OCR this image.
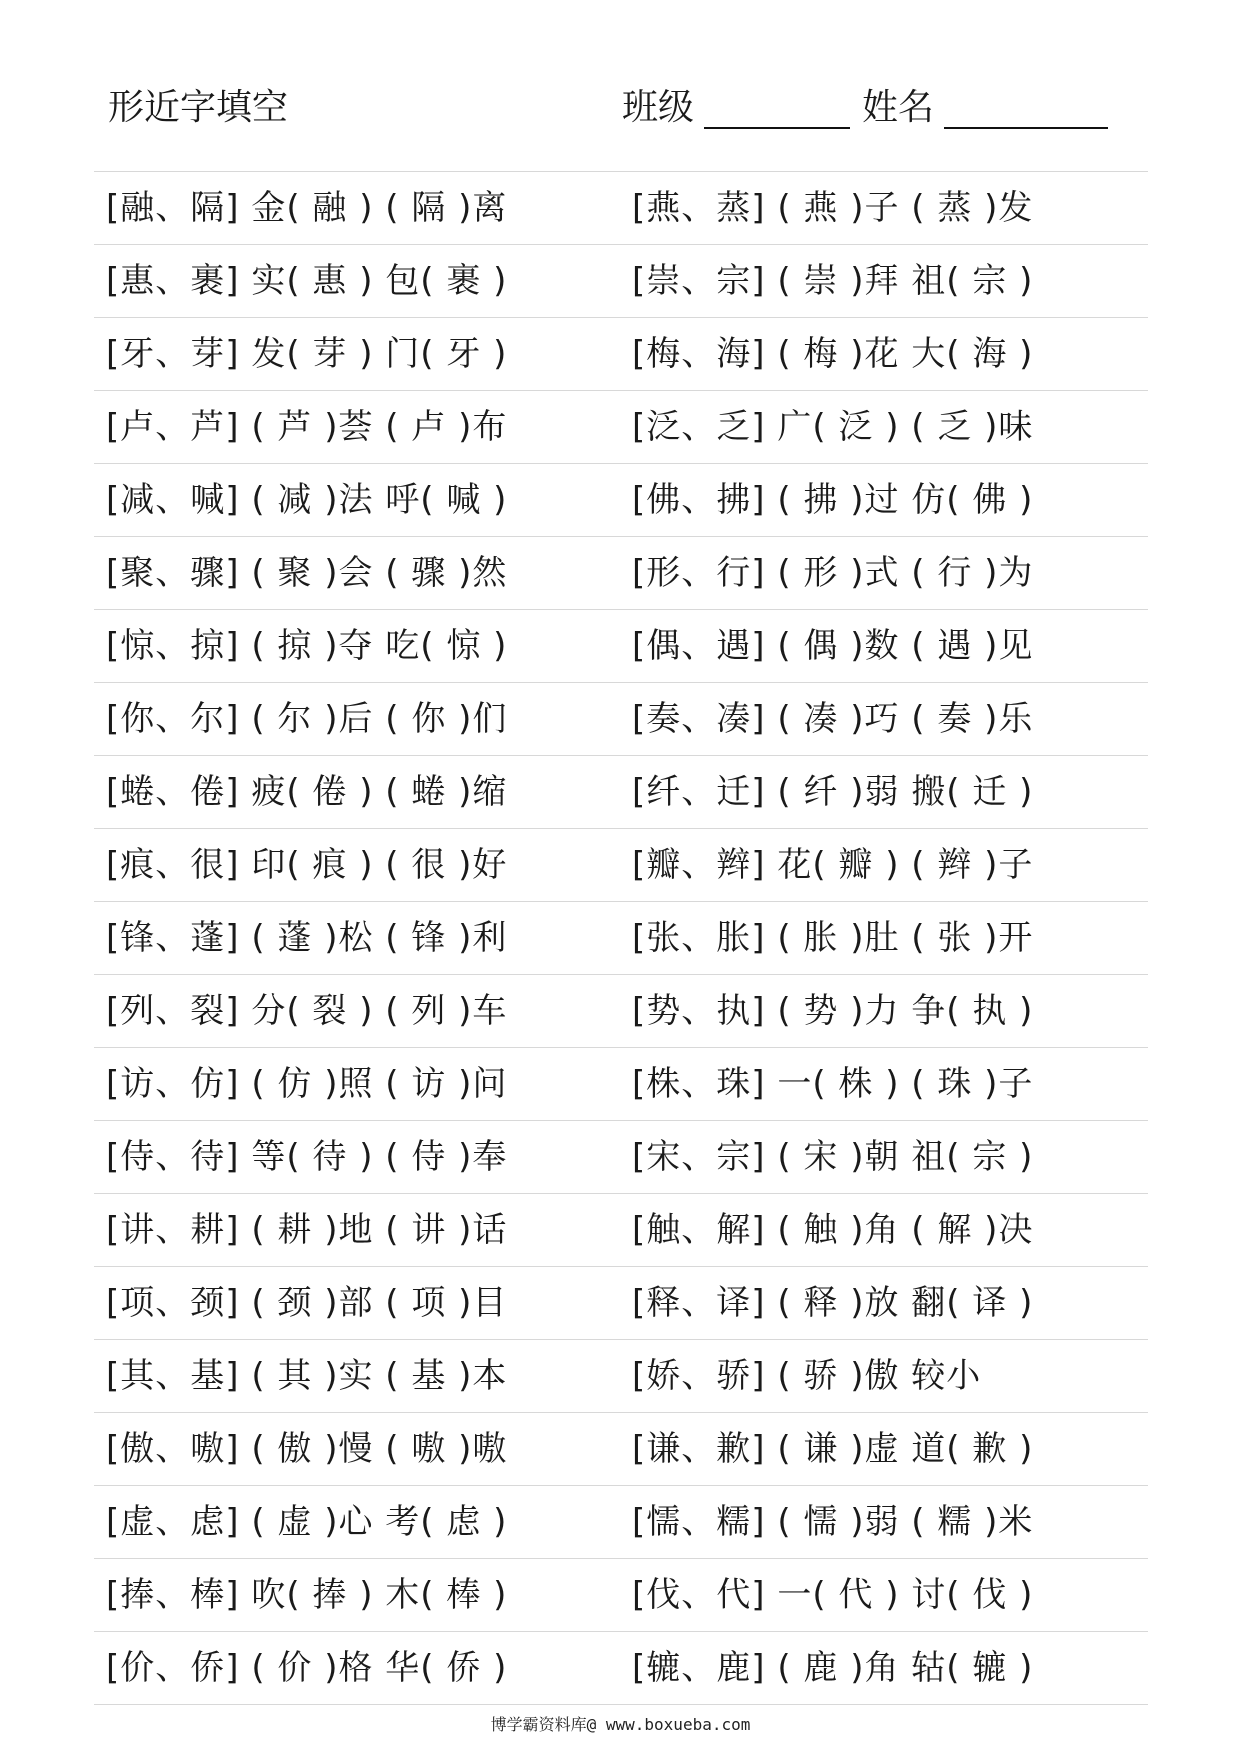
形近字填空	班级	姓名
[融、隔] 金( 融 ) ( 隔 )离	[燕、蒸] ( 燕 )子 ( 蒸 )发
[惠、裹] 实( 惠 ) 包( 裹 )	[崇、宗] ( 崇 )拜 祖( 宗 )
[牙、芽] 发( 芽 ) 门( 牙 )	[梅、海] ( 梅 )花 大( 海 )
[卢、芦] ( 芦 )荟 ( 卢 )布	[泛、乏] 广( 泛 ) ( 乏 )味
[减、喊] ( 减 )法 呼( 喊 )	[佛、拂] ( 拂 )过 仿( 佛 )
[聚、骤] ( 聚 )会 ( 骤 )然	[形、行] ( 形 )式 ( 行 )为
[惊、掠] ( 掠 )夺 吃( 惊 )	[偶、遇] ( 偶 )数 ( 遇 )见
[你、尔] ( 尔 )后 ( 你 )们	[奏、凑] ( 凑 )巧 ( 奏 )乐
[蜷、倦] 疲( 倦 ) ( 蜷 )缩	[纤、迁] ( 纤 )弱 搬( 迁 )
[痕、很] 印( 痕 ) ( 很 )好	[瓣、辫] 花( 瓣 ) ( 辫 )子
[锋、蓬] ( 蓬 )松 ( 锋 )利	[张、胀] ( 胀 )肚 ( 张 )开
[列、裂] 分( 裂 ) ( 列 )车	[势、执] ( 势 )力 争( 执 )
[访、仿] ( 仿 )照 ( 访 )问	[株、珠] 一( 株 ) ( 珠 )子
[侍、待] 等( 待 ) ( 侍 )奉	[宋、宗] ( 宋 )朝 祖( 宗 )
[讲、耕] ( 耕 )地 ( 讲 )话	[触、解] ( 触 )角 ( 解 )决
[项、颈] ( 颈 )部 ( 项 )目	[释、译] ( 释 )放 翻( 译 )
[其、基] ( 其 )实 ( 基 )本	[娇、骄] ( 骄 )傲 较小
[傲、嗷] ( 傲 )慢 ( 嗷 )嗷	[谦、歉] ( 谦 )虚 道( 歉 )
[虚、虑] ( 虚 )心 考( 虑 )	[懦、糯] ( 懦 )弱 ( 糯 )米
[捧、棒] 吹( 捧 ) 木( 棒 )	[伐、代] 一( 代 ) 讨( 伐 )
[价、侨] ( 价 )格 华( 侨 )	[辘、鹿] ( 鹿 )角 轱( 辘 )
博学霸资料库@ www.boxueba.com
